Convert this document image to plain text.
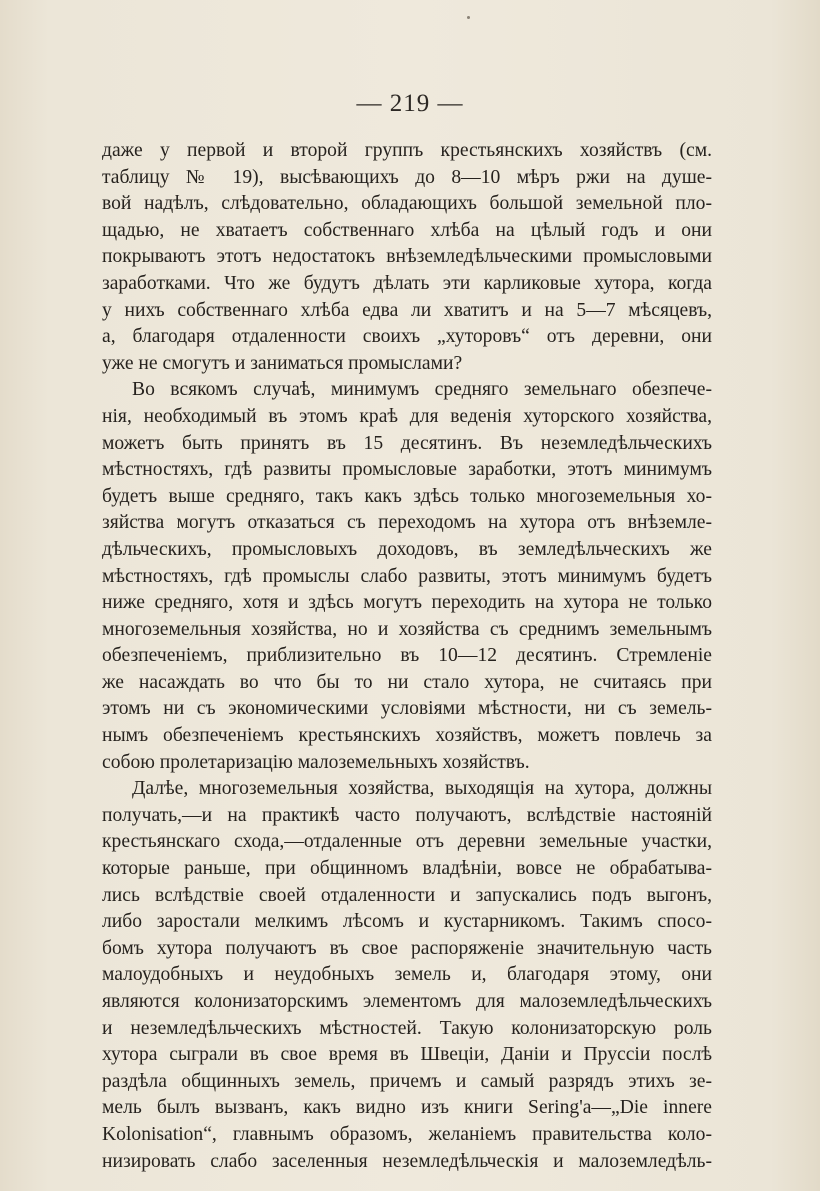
— 219 —
даже у первой и второй группъ крестьянскихъ хозяйствъ (см.
таблицу № 19), высѣвающихъ до 8—10 мѣръ ржи на душе-
вой надѣлъ, слѣдовательно, обладающихъ большой земельной пло-
щадью, не хватаетъ собственнаго хлѣба на цѣлый годъ и они
покрываютъ этотъ недостатокъ внѣземледѣльческими промысловыми
заработками. Что же будутъ дѣлать эти карликовые хутора, когда
у нихъ собственнаго хлѣба едва ли хватитъ и на 5—7 мѣсяцевъ,
а, благодаря отдаленности своихъ „хуторовъ“ отъ деревни, они
уже не смогутъ и заниматься промыслами?
Во всякомъ случаѣ, минимумъ средняго земельнаго обезпече-
нія, необходимый въ этомъ краѣ для веденія хуторского хозяйства,
можетъ быть принятъ въ 15 десятинъ. Въ неземледѣльческихъ
мѣстностяхъ, гдѣ развиты промысловые заработки, этотъ минимумъ
будетъ выше средняго, такъ какъ здѣсь только многоземельныя хо-
зяйства могутъ отказаться съ переходомъ на хутора отъ внѣземле-
дѣльческихъ, промысловыхъ доходовъ, въ земледѣльческихъ же
мѣстностяхъ, гдѣ промыслы слабо развиты, этотъ минимумъ будетъ
ниже средняго, хотя и здѣсь могутъ переходить на хутора не только
многоземельныя хозяйства, но и хозяйства съ среднимъ земельнымъ
обезпеченіемъ, приблизительно въ 10—12 десятинъ. Стремленіе
же насаждать во что бы то ни стало хутора, не считаясь при
этомъ ни съ экономическими условіями мѣстности, ни съ земель-
нымъ обезпеченіемъ крестьянскихъ хозяйствъ, можетъ повлечь за
собою пролетаризацію малоземельныхъ хозяйствъ.
Далѣе, многоземельныя хозяйства, выходящія на хутора, должны
получать,—и на практикѣ часто получаютъ, вслѣдствіе настояній
крестьянскаго схода,—отдаленные отъ деревни земельные участки,
которые раньше, при общинномъ владѣніи, вовсе не обрабатыва-
лись вслѣдствіе своей отдаленности и запускались подъ выгонъ,
либо заростали мелкимъ лѣсомъ и кустарникомъ. Такимъ спосо-
бомъ хутора получаютъ въ свое распоряженіе значительную часть
малоудобныхъ и неудобныхъ земель и, благодаря этому, они
являются колонизаторскимъ элементомъ для малоземледѣльческихъ
и неземледѣльческихъ мѣстностей. Такую колонизаторскую роль
хутора сыграли въ свое время въ Швеціи, Даніи и Пруссіи послѣ
раздѣла общинныхъ земель, причемъ и самый разрядъ этихъ зе-
мель былъ вызванъ, какъ видно изъ книги Sering'a—„Die innere
Kolonisation“, главнымъ образомъ, желаніемъ правительства коло-
низировать слабо заселенныя неземледѣльческія и малоземледѣль-
